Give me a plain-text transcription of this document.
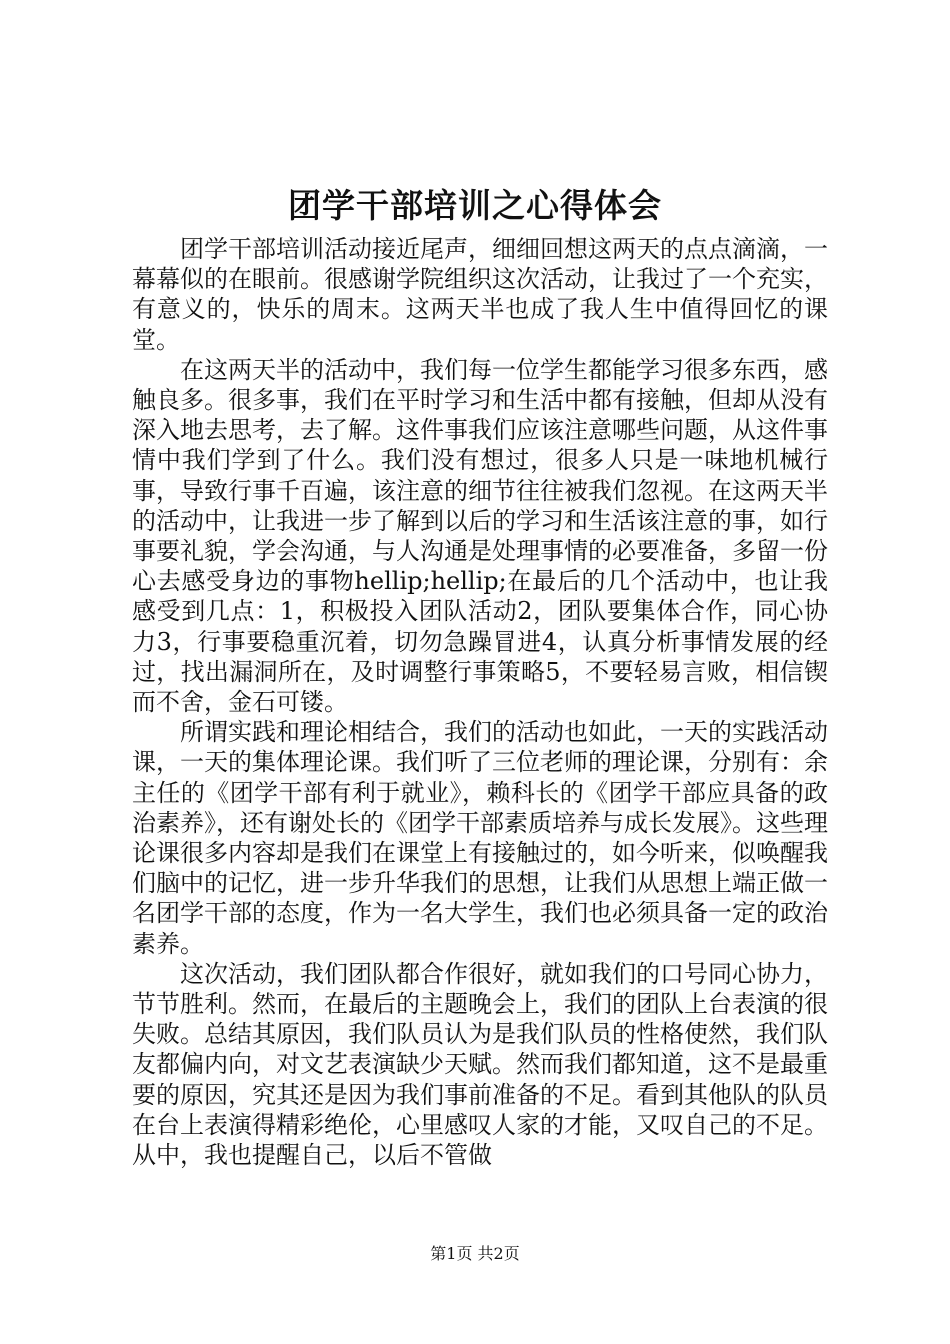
团学干部培训之心得体会

团学干部培训活动接近尾声，细细回想这两天的点点滴滴，一幕幕似的在眼前。很感谢学院组织这次活动，让我过了一个充实，有意义的，快乐的周末。这两天半也成了我人生中值得回忆的课堂。

在这两天半的活动中，我们每一位学生都能学习很多东西，感触良多。很多事，我们在平时学习和生活中都有接触，但却从没有深入地去思考，去了解。这件事我们应该注意哪些问题，从这件事情中我们学到了什么。我们没有想过，很多人只是一味地机械行事，导致行事千百遍，该注意的细节往往被我们忽视。在这两天半的活动中，让我进一步了解到以后的学习和生活该注意的事，如行事要礼貌，学会沟通，与人沟通是处理事情的必要准备，多留一份心去感受身边的事物hellip;hellip;在最后的几个活动中，也让我感受到几点：1，积极投入团队活动2，团队要集体合作，同心协力3，行事要稳重沉着，切勿急躁冒进4，认真分析事情发展的经过，找出漏洞所在，及时调整行事策略5，不要轻易言败，相信锲而不舍，金石可镂。

所谓实践和理论相结合，我们的活动也如此，一天的实践活动课，一天的集体理论课。我们听了三位老师的理论课，分别有：余主任的《团学干部有利于就业》，赖科长的《团学干部应具备的政治素养》，还有谢处长的《团学干部素质培养与成长发展》。这些理论课很多内容却是我们在课堂上有接触过的，如今听来，似唤醒我们脑中的记忆，进一步升华我们的思想，让我们从思想上端正做一名团学干部的态度，作为一名大学生，我们也必须具备一定的政治素养。

这次活动，我们团队都合作很好，就如我们的口号同心协力，节节胜利。然而，在最后的主题晚会上，我们的团队上台表演的很失败。总结其原因，我们队员认为是我们队员的性格使然，我们队友都偏内向，对文艺表演缺少天赋。然而我们都知道，这不是最重要的原因，究其还是因为我们事前准备的不足。看到其他队的队员在台上表演得精彩绝伦，心里感叹人家的才能，又叹自己的不足。从中，我也提醒自己，以后不管做

第1页 共2页
